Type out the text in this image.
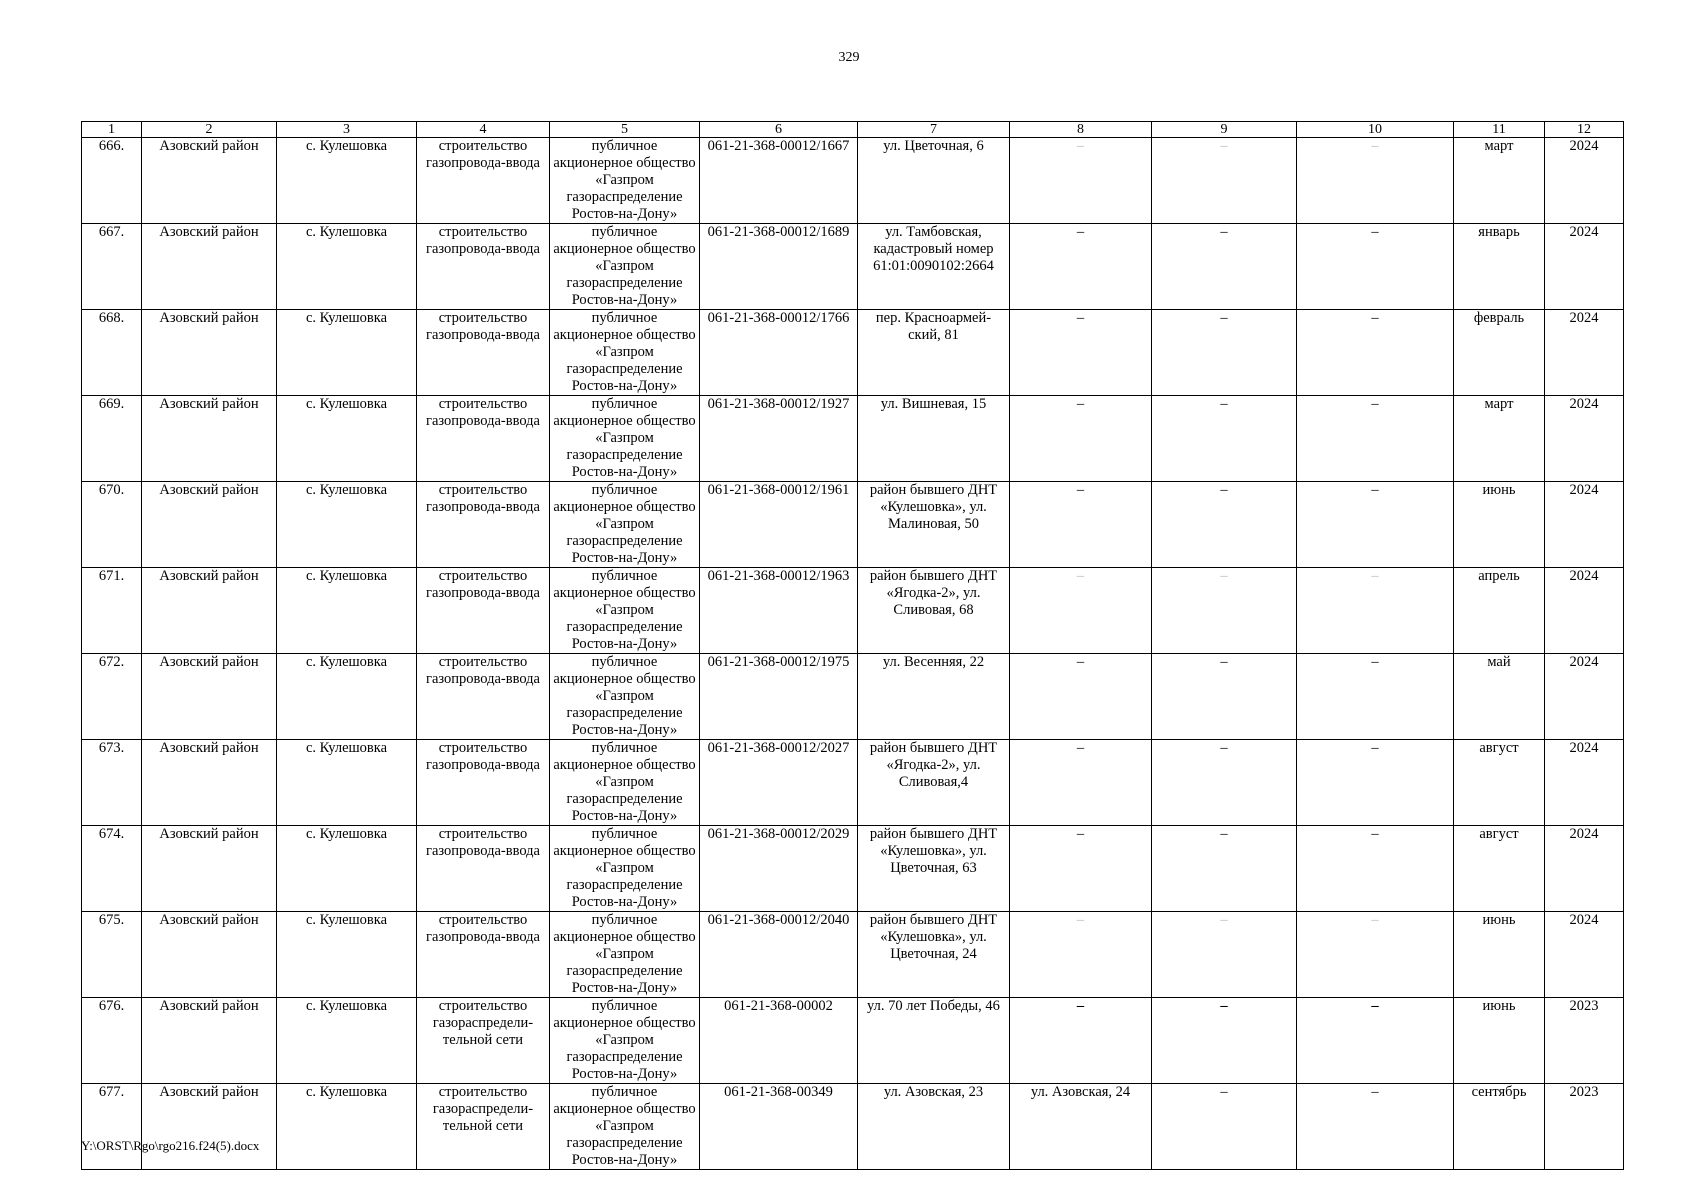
329
1	2	3	4	5	6	7	8	9	10	11	12
666.	Азовский район	с. Кулешовка	строительство газопровода-ввода	публичное акционерное общество «Газпром газораспределение Ростов-на-Дону»	061-21-368-00012/1667	ул. Цветочная, 6	–	–	–	март	2024
667.	Азовский район	с. Кулешовка	строительство газопровода-ввода	публичное акционерное общество «Газпром газораспределение Ростов-на-Дону»	061-21-368-00012/1689	ул. Тамбовская, кадастровый номер 61:01:0090102:2664	–	–	–	январь	2024
668.	Азовский район	с. Кулешовка	строительство газопровода-ввода	публичное акционерное общество «Газпром газораспределение Ростов-на-Дону»	061-21-368-00012/1766	пер. Красноармей-ский, 81	–	–	–	февраль	2024
669.	Азовский район	с. Кулешовка	строительство газопровода-ввода	публичное акционерное общество «Газпром газораспределение Ростов-на-Дону»	061-21-368-00012/1927	ул. Вишневая, 15	–	–	–	март	2024
670.	Азовский район	с. Кулешовка	строительство газопровода-ввода	публичное акционерное общество «Газпром газораспределение Ростов-на-Дону»	061-21-368-00012/1961	район бывшего ДНТ «Кулешовка», ул. Малиновая, 50	–	–	–	июнь	2024
671.	Азовский район	с. Кулешовка	строительство газопровода-ввода	публичное акционерное общество «Газпром газораспределение Ростов-на-Дону»	061-21-368-00012/1963	район бывшего ДНТ «Ягодка-2», ул. Сливовая, 68	–	–	–	апрель	2024
672.	Азовский район	с. Кулешовка	строительство газопровода-ввода	публичное акционерное общество «Газпром газораспределение Ростов-на-Дону»	061-21-368-00012/1975	ул. Весенняя, 22	–	–	–	май	2024
673.	Азовский район	с. Кулешовка	строительство газопровода-ввода	публичное акционерное общество «Газпром газораспределение Ростов-на-Дону»	061-21-368-00012/2027	район бывшего ДНТ «Ягодка-2», ул. Сливовая,4	–	–	–	август	2024
674.	Азовский район	с. Кулешовка	строительство газопровода-ввода	публичное акционерное общество «Газпром газораспределение Ростов-на-Дону»	061-21-368-00012/2029	район бывшего ДНТ «Кулешовка», ул. Цветочная, 63	–	–	–	август	2024
675.	Азовский район	с. Кулешовка	строительство газопровода-ввода	публичное акционерное общество «Газпром газораспределение Ростов-на-Дону»	061-21-368-00012/2040	район бывшего ДНТ «Кулешовка», ул. Цветочная, 24	–	–	–	июнь	2024
676.	Азовский район	с. Кулешовка	строительство газораспредели-тельной сети	публичное акционерное общество «Газпром газораспределение Ростов-на-Дону»	061-21-368-00002	ул. 70 лет Победы, 46	–	–	–	июнь	2023
677.	Азовский район	с. Кулешовка	строительство газораспредели-тельной сети	публичное акционерное общество «Газпром газораспределение Ростов-на-Дону»	061-21-368-00349	ул. Азовская, 23	ул. Азовская, 24	–	–	сентябрь	2023
Y:\ORST\Rgo\rgo216.f24(5).docx
